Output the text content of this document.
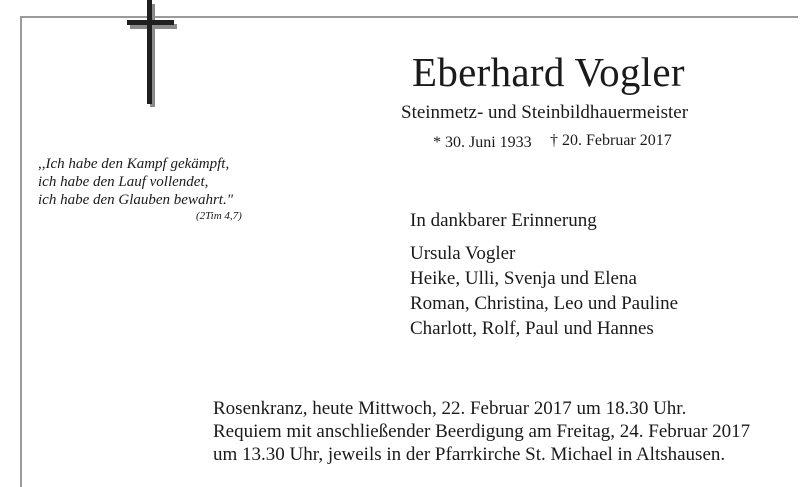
Eberhard Vogler
Steinmetz- und Steinbildhauermeister
* 30. Juni 1933 † 20. Februar 2017
,,Ich habe den Kampf gekämpft,
ich habe den Lauf vollendet,
ich habe den Glauben bewahrt."
(2Tim 4,7)	In dankbarer Erinnerung
Ursula Vogler
Heike, Ulli, Svenja und Elena
Roman, Christina, Leo und Pauline
Charlott, Rolf, Paul und Hannes
Rosenkranz, heute Mittwoch, 22. Februar 2017 um 18.30 Uhr.
Requiem mit anschließender Beerdigung am Freitag, 24. Februar 2017
um 13.30 Uhr, jeweils in der Pfarrkirche St. Michael in Altshausen.
